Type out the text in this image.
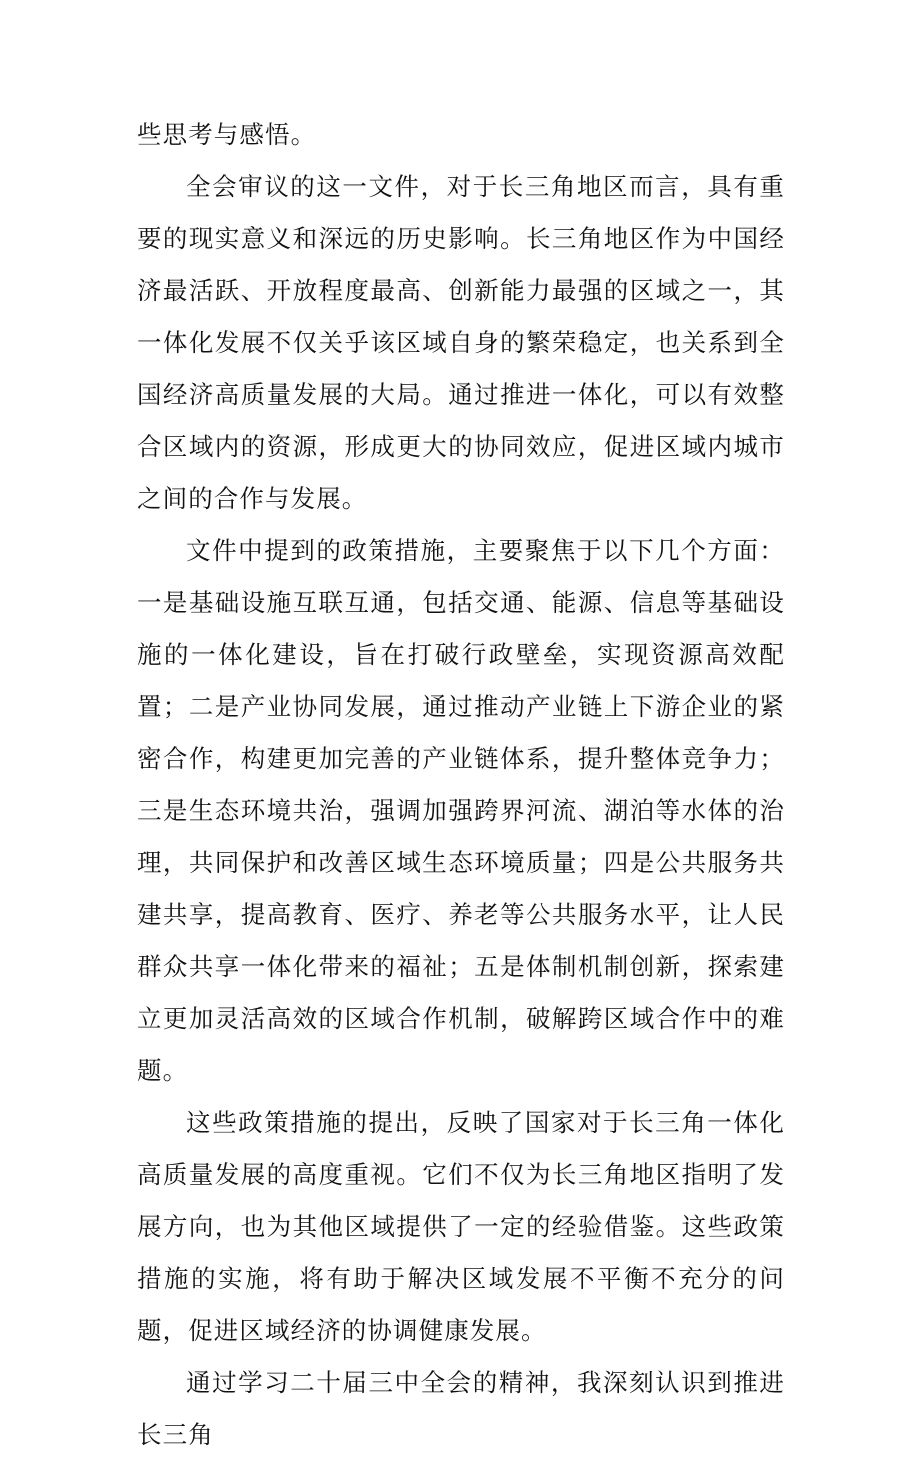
些思考与感悟。

全会审议的这一文件，对于长三角地区而言，具有重要的现实意义和深远的历史影响。长三角地区作为中国经济最活跃、开放程度最高、创新能力最强的区域之一，其一体化发展不仅关乎该区域自身的繁荣稳定，也关系到全国经济高质量发展的大局。通过推进一体化，可以有效整合区域内的资源，形成更大的协同效应，促进区域内城市之间的合作与发展。

文件中提到的政策措施，主要聚焦于以下几个方面：一是基础设施互联互通，包括交通、能源、信息等基础设施的一体化建设，旨在打破行政壁垒，实现资源高效配置；二是产业协同发展，通过推动产业链上下游企业的紧密合作，构建更加完善的产业链体系，提升整体竞争力；三是生态环境共治，强调加强跨界河流、湖泊等水体的治理，共同保护和改善区域生态环境质量；四是公共服务共建共享，提高教育、医疗、养老等公共服务水平，让人民群众共享一体化带来的福祉；五是体制机制创新，探索建立更加灵活高效的区域合作机制，破解跨区域合作中的难题。

这些政策措施的提出，反映了国家对于长三角一体化高质量发展的高度重视。它们不仅为长三角地区指明了发展方向，也为其他区域提供了一定的经验借鉴。这些政策措施的实施，将有助于解决区域发展不平衡不充分的问题，促进区域经济的协调健康发展。

通过学习二十届三中全会的精神，我深刻认识到推进长三角
